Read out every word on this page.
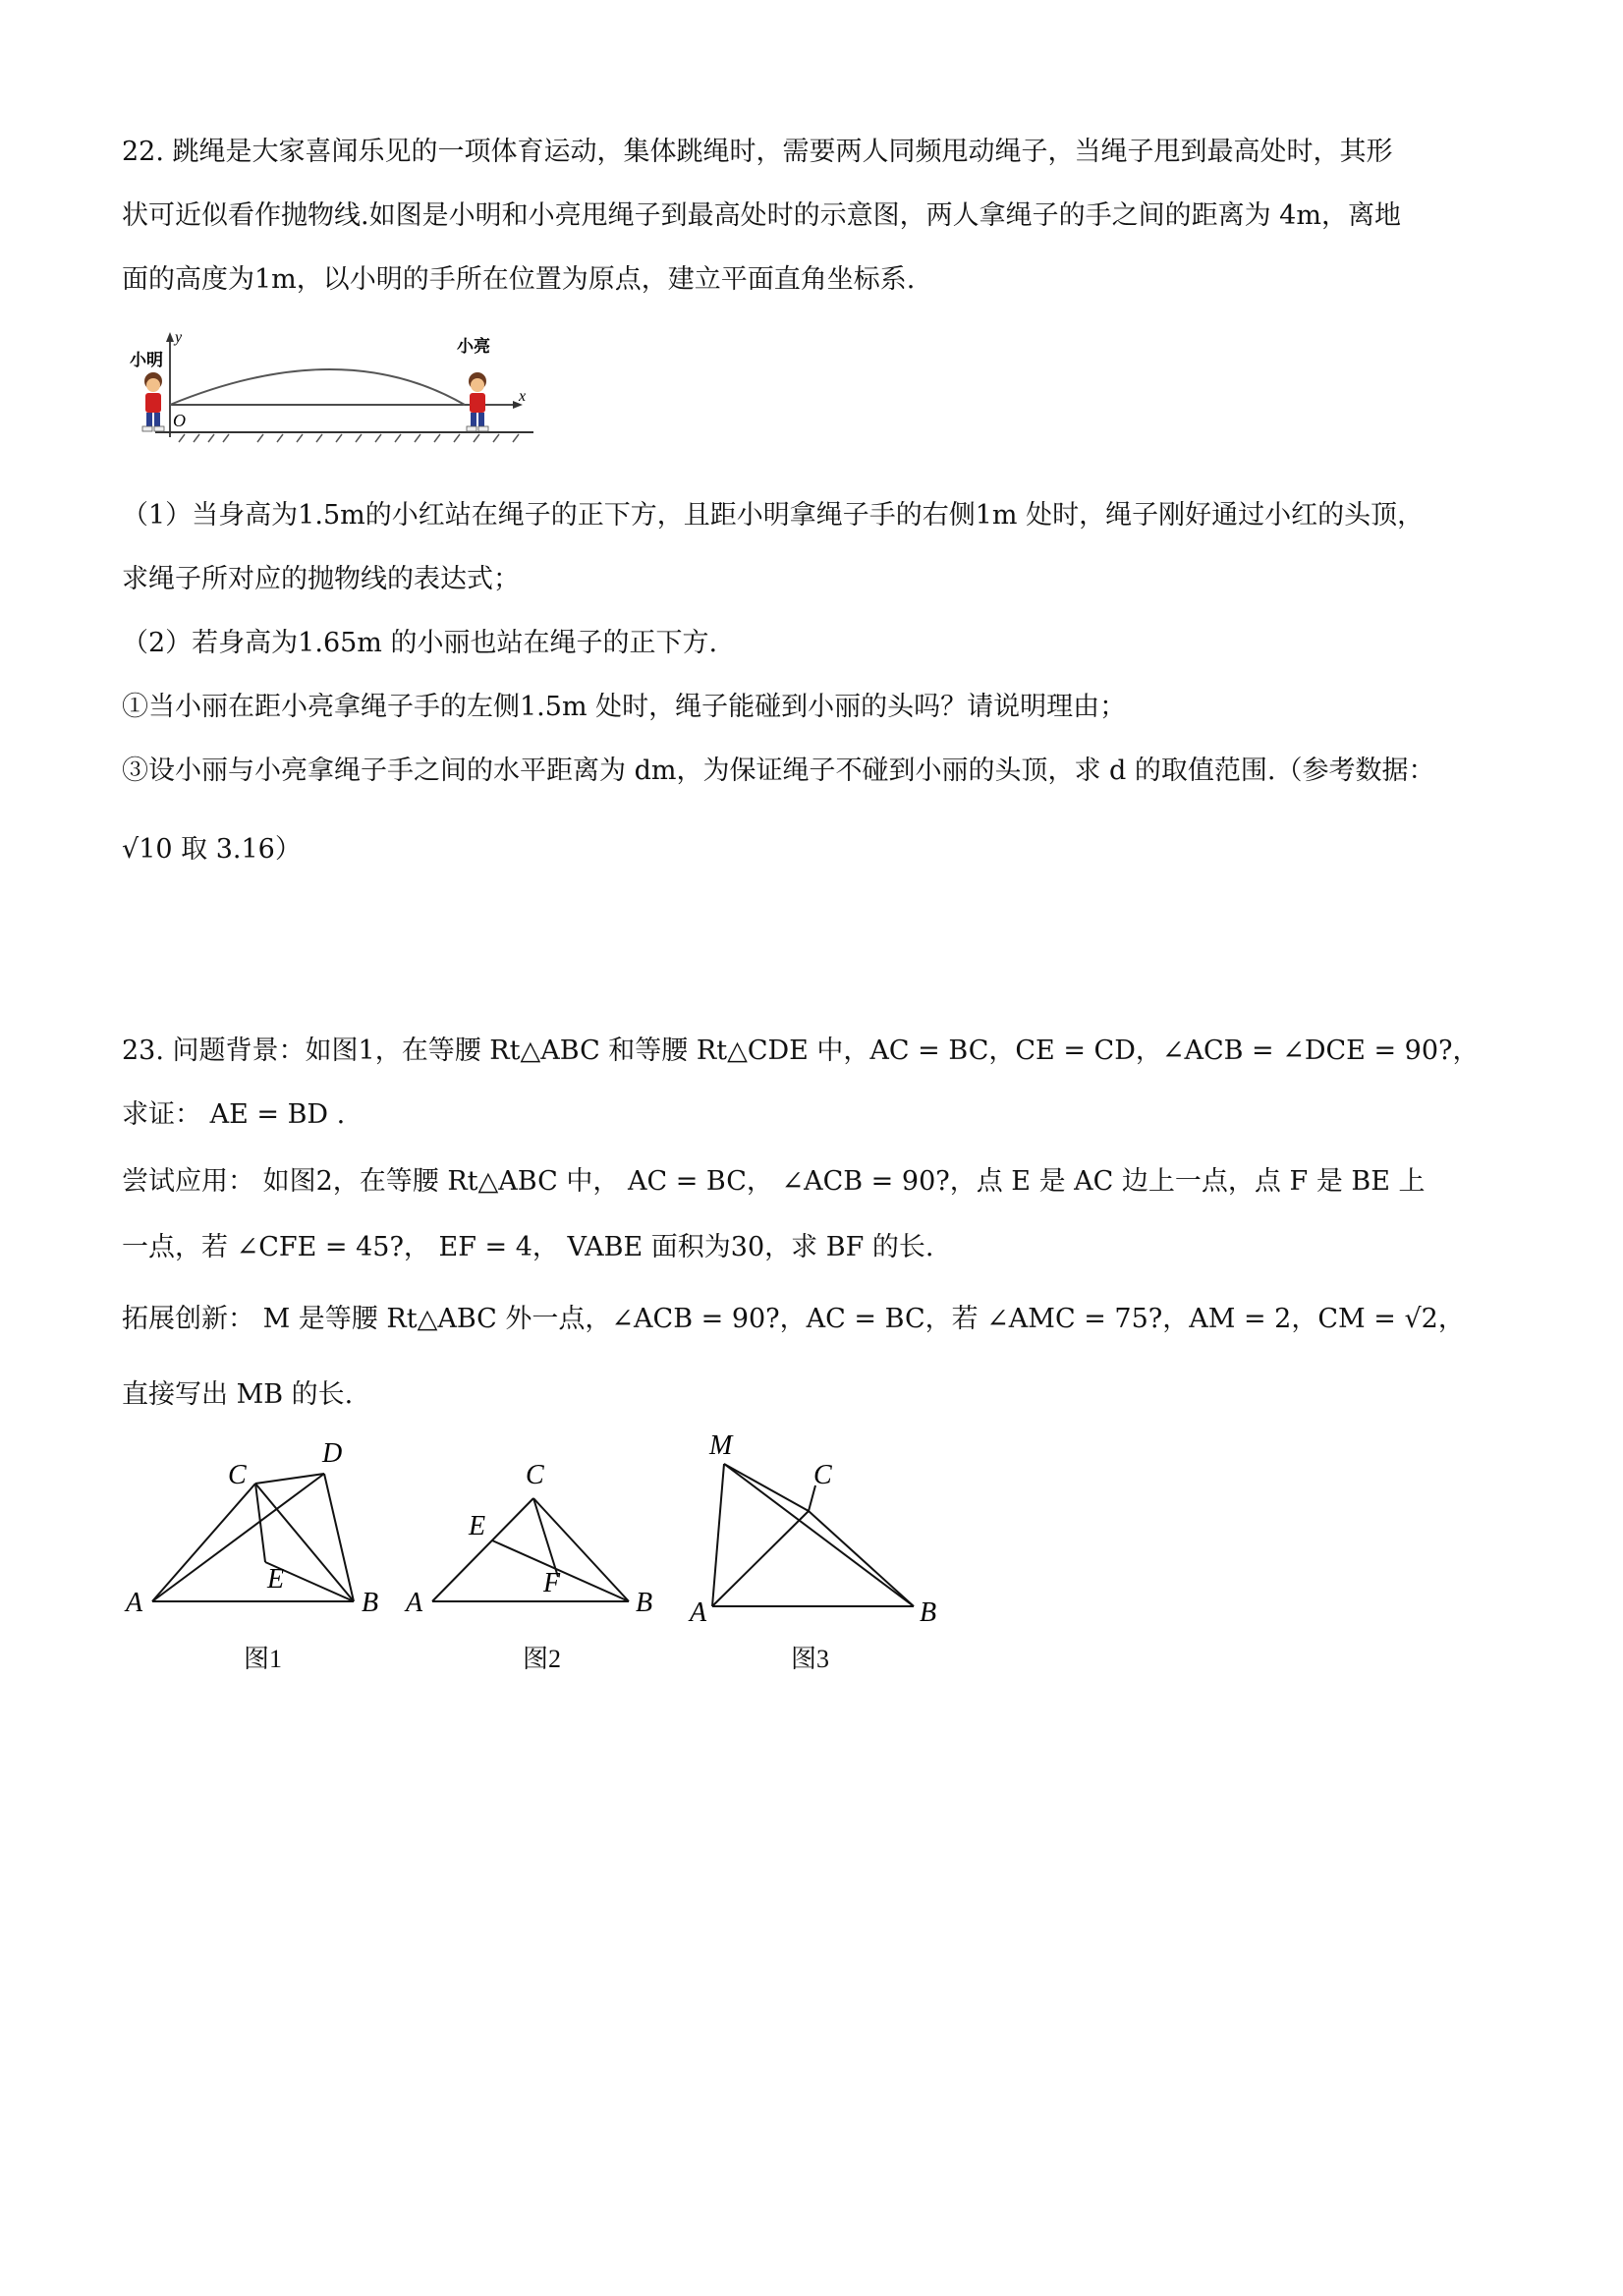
22. 跳绳是大家喜闻乐见的一项体育运动，集体跳绳时，需要两人同频甩动绳子，当绳子甩到最高处时，其形
状可近似看作抛物线.如图是小明和小亮甩绳子到最高处时的示意图，两人拿绳子的手之间的距离为 4m，离地
面的高度为1m，以小明的手所在位置为原点，建立平面直角坐标系.
y
x
O
小明
小亮
（1）当身高为1.5m的小红站在绳子的正下方，且距小明拿绳子手的右侧1m 处时，绳子刚好通过小红的头顶，
求绳子所对应的抛物线的表达式；
（2）若身高为1.65m 的小丽也站在绳子的正下方.
①当小丽在距小亮拿绳子手的左侧1.5m 处时，绳子能碰到小丽的头吗？请说明理由；
③设小丽与小亮拿绳子手之间的水平距离为 dm，为保证绳子不碰到小丽的头顶，求 d 的取值范围.（参考数据：
√10 取 3.16）
23. 问题背景：如图1，在等腰 Rt△ABC 和等腰 Rt△CDE 中，AC = BC，CE = CD，∠ACB = ∠DCE = 90?，
求证： AE = BD .
尝试应用： 如图2，在等腰 Rt△ABC 中， AC = BC， ∠ACB = 90?，点 E 是 AC 边上一点，点 F 是 BE 上
一点，若 ∠CFE = 45?， EF = 4， VABE 面积为30，求 BF 的长.
拓展创新： M 是等腰 Rt△ABC 外一点，∠ACB = 90?，AC = BC，若 ∠AMC = 75?，AM = 2，CM = √2，
直接写出 MB 的长.
A	B
C
D
E
图1
A	B
C
E
F
图2
A	B
C
M
图3
